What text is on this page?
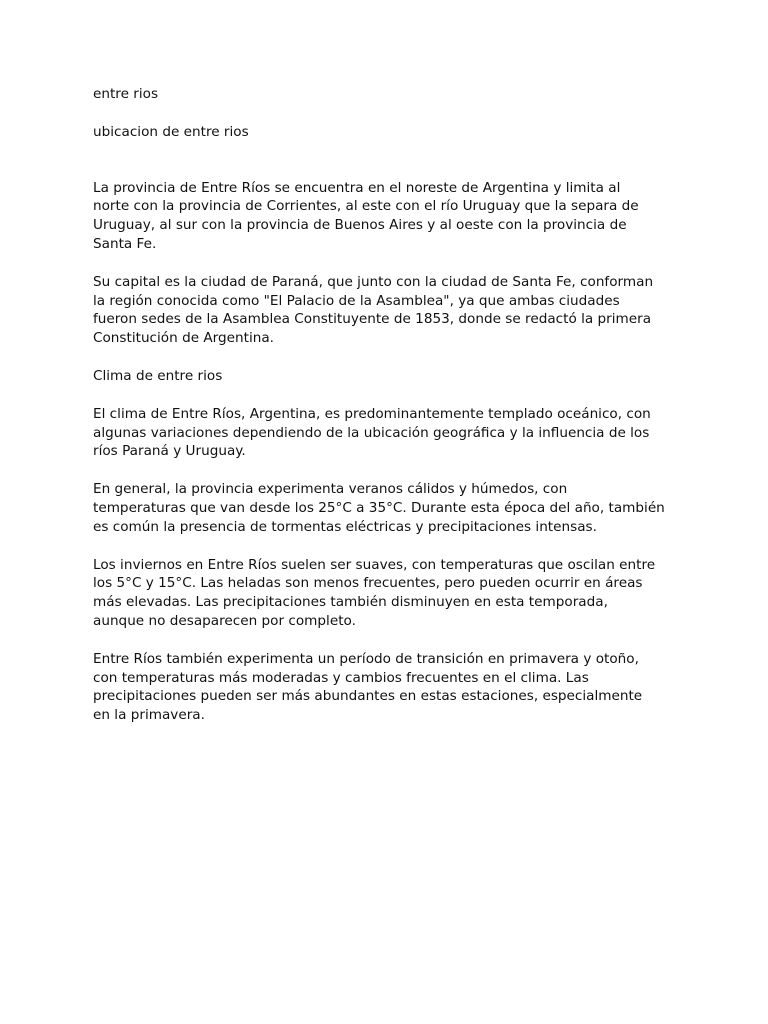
entre rios

ubicacion de entre rios

La provincia de Entre Ríos se encuentra en el noreste de Argentina y limita al
norte con la provincia de Corrientes, al este con el río Uruguay que la separa de
Uruguay, al sur con la provincia de Buenos Aires y al oeste con la provincia de
Santa Fe.

Su capital es la ciudad de Paraná, que junto con la ciudad de Santa Fe, conforman
la región conocida como "El Palacio de la Asamblea", ya que ambas ciudades
fueron sedes de la Asamblea Constituyente de 1853, donde se redactó la primera
Constitución de Argentina.

Clima de entre rios

El clima de Entre Ríos, Argentina, es predominantemente templado oceánico, con
algunas variaciones dependiendo de la ubicación geográfica y la influencia de los
ríos Paraná y Uruguay.

En general, la provincia experimenta veranos cálidos y húmedos, con
temperaturas que van desde los 25°C a 35°C. Durante esta época del año, también
es común la presencia de tormentas eléctricas y precipitaciones intensas.

Los inviernos en Entre Ríos suelen ser suaves, con temperaturas que oscilan entre
los 5°C y 15°C. Las heladas son menos frecuentes, pero pueden ocurrir en áreas
más elevadas. Las precipitaciones también disminuyen en esta temporada,
aunque no desaparecen por completo.

Entre Ríos también experimenta un período de transición en primavera y otoño,
con temperaturas más moderadas y cambios frecuentes en el clima. Las
precipitaciones pueden ser más abundantes en estas estaciones, especialmente
en la primavera.
